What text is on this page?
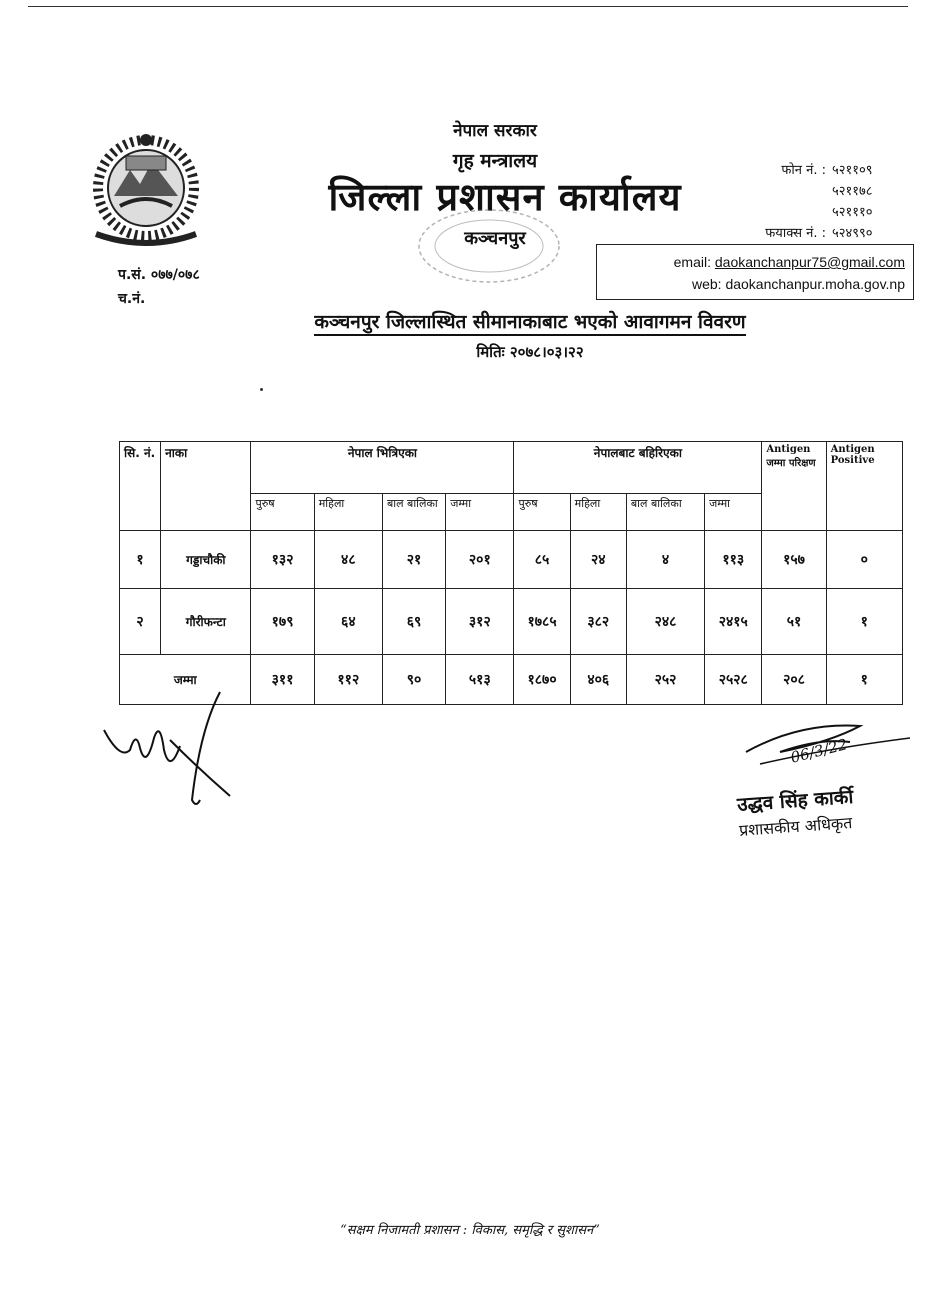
नेपाल सरकार
गृह मन्त्रालय
जिल्ला प्रशासन कार्यालय
कञ्चनपुर
फोन नं. : ५२११०९
५२११७८
५२१११०
फयाक्स नं. : ५२४९९०
email: daokanchanpur75@gmail.com
web: daokanchanpur.moha.gov.np
प.सं. ०७७/०७८
च.नं.
कञ्चनपुर जिल्लास्थित सीमानाकाबाट भएको आवागमन विवरण
मितिः २०७८।०३।२२
सि. नं.	नाका	नेपाल भित्रिएका				नेपालबाट बहिरिएका				Antigen जम्मा परिक्षण	Antigen Positive
		पुरुष	महिला	बाल बालिका	जम्मा	पुरुष	महिला	बाल बालिका	जम्मा		
१	गड्डाचौकी	१३२	४८	२१	२०१	८५	२४	४	११३	१५७	०
२	गौरीफन्टा	१७९	६४	६९	३१२	१७८५	३८२	२४८	२४१५	५१	१
जम्मा		३११	११२	९०	५१३	१८७०	४०६	२५२	२५२८	२०८	१
06/3/22
उद्धव सिंह कार्की
प्रशासकीय अधिकृत
“सक्षम निजामती प्रशासन : विकास, समृद्धि र सुशासन”
